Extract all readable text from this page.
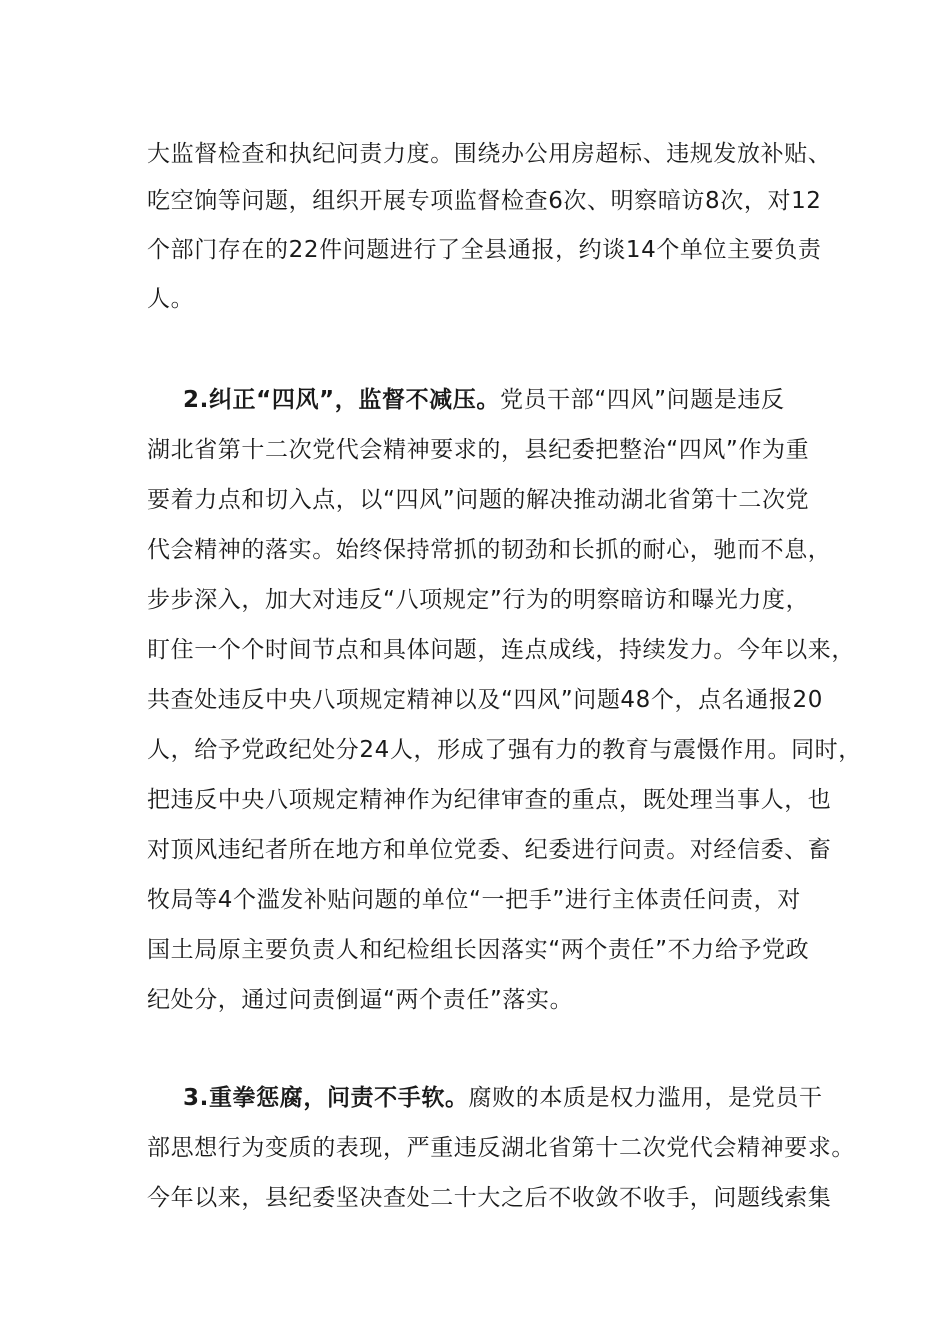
大监督检查和执纪问责力度。围绕办公用房超标、违规发放补贴、
吃空饷等问题，组织开展专项监督检查6次、明察暗访8次，对12
个部门存在的22件问题进行了全县通报，约谈14个单位主要负责
人。
2.纠正“四风”，监督不减压。党员干部“四风”问题是违反
湖北省第十二次党代会精神要求的，县纪委把整治“四风”作为重
要着力点和切入点，以“四风”问题的解决推动湖北省第十二次党
代会精神的落实。始终保持常抓的韧劲和长抓的耐心，驰而不息，
步步深入，加大对违反“八项规定”行为的明察暗访和曝光力度，
盯住一个个时间节点和具体问题，连点成线，持续发力。今年以来，
共查处违反中央八项规定精神以及“四风”问题48个，点名通报20
人，给予党政纪处分24人，形成了强有力的教育与震慑作用。同时，
把违反中央八项规定精神作为纪律审查的重点，既处理当事人，也
对顶风违纪者所在地方和单位党委、纪委进行问责。对经信委、畜
牧局等4个滥发补贴问题的单位“一把手”进行主体责任问责，对
国土局原主要负责人和纪检组长因落实“两个责任”不力给予党政
纪处分，通过问责倒逼“两个责任”落实。
3.重拳惩腐，问责不手软。腐败的本质是权力滥用，是党员干
部思想行为变质的表现，严重违反湖北省第十二次党代会精神要求。
今年以来，县纪委坚决查处二十大之后不收敛不收手，问题线索集
